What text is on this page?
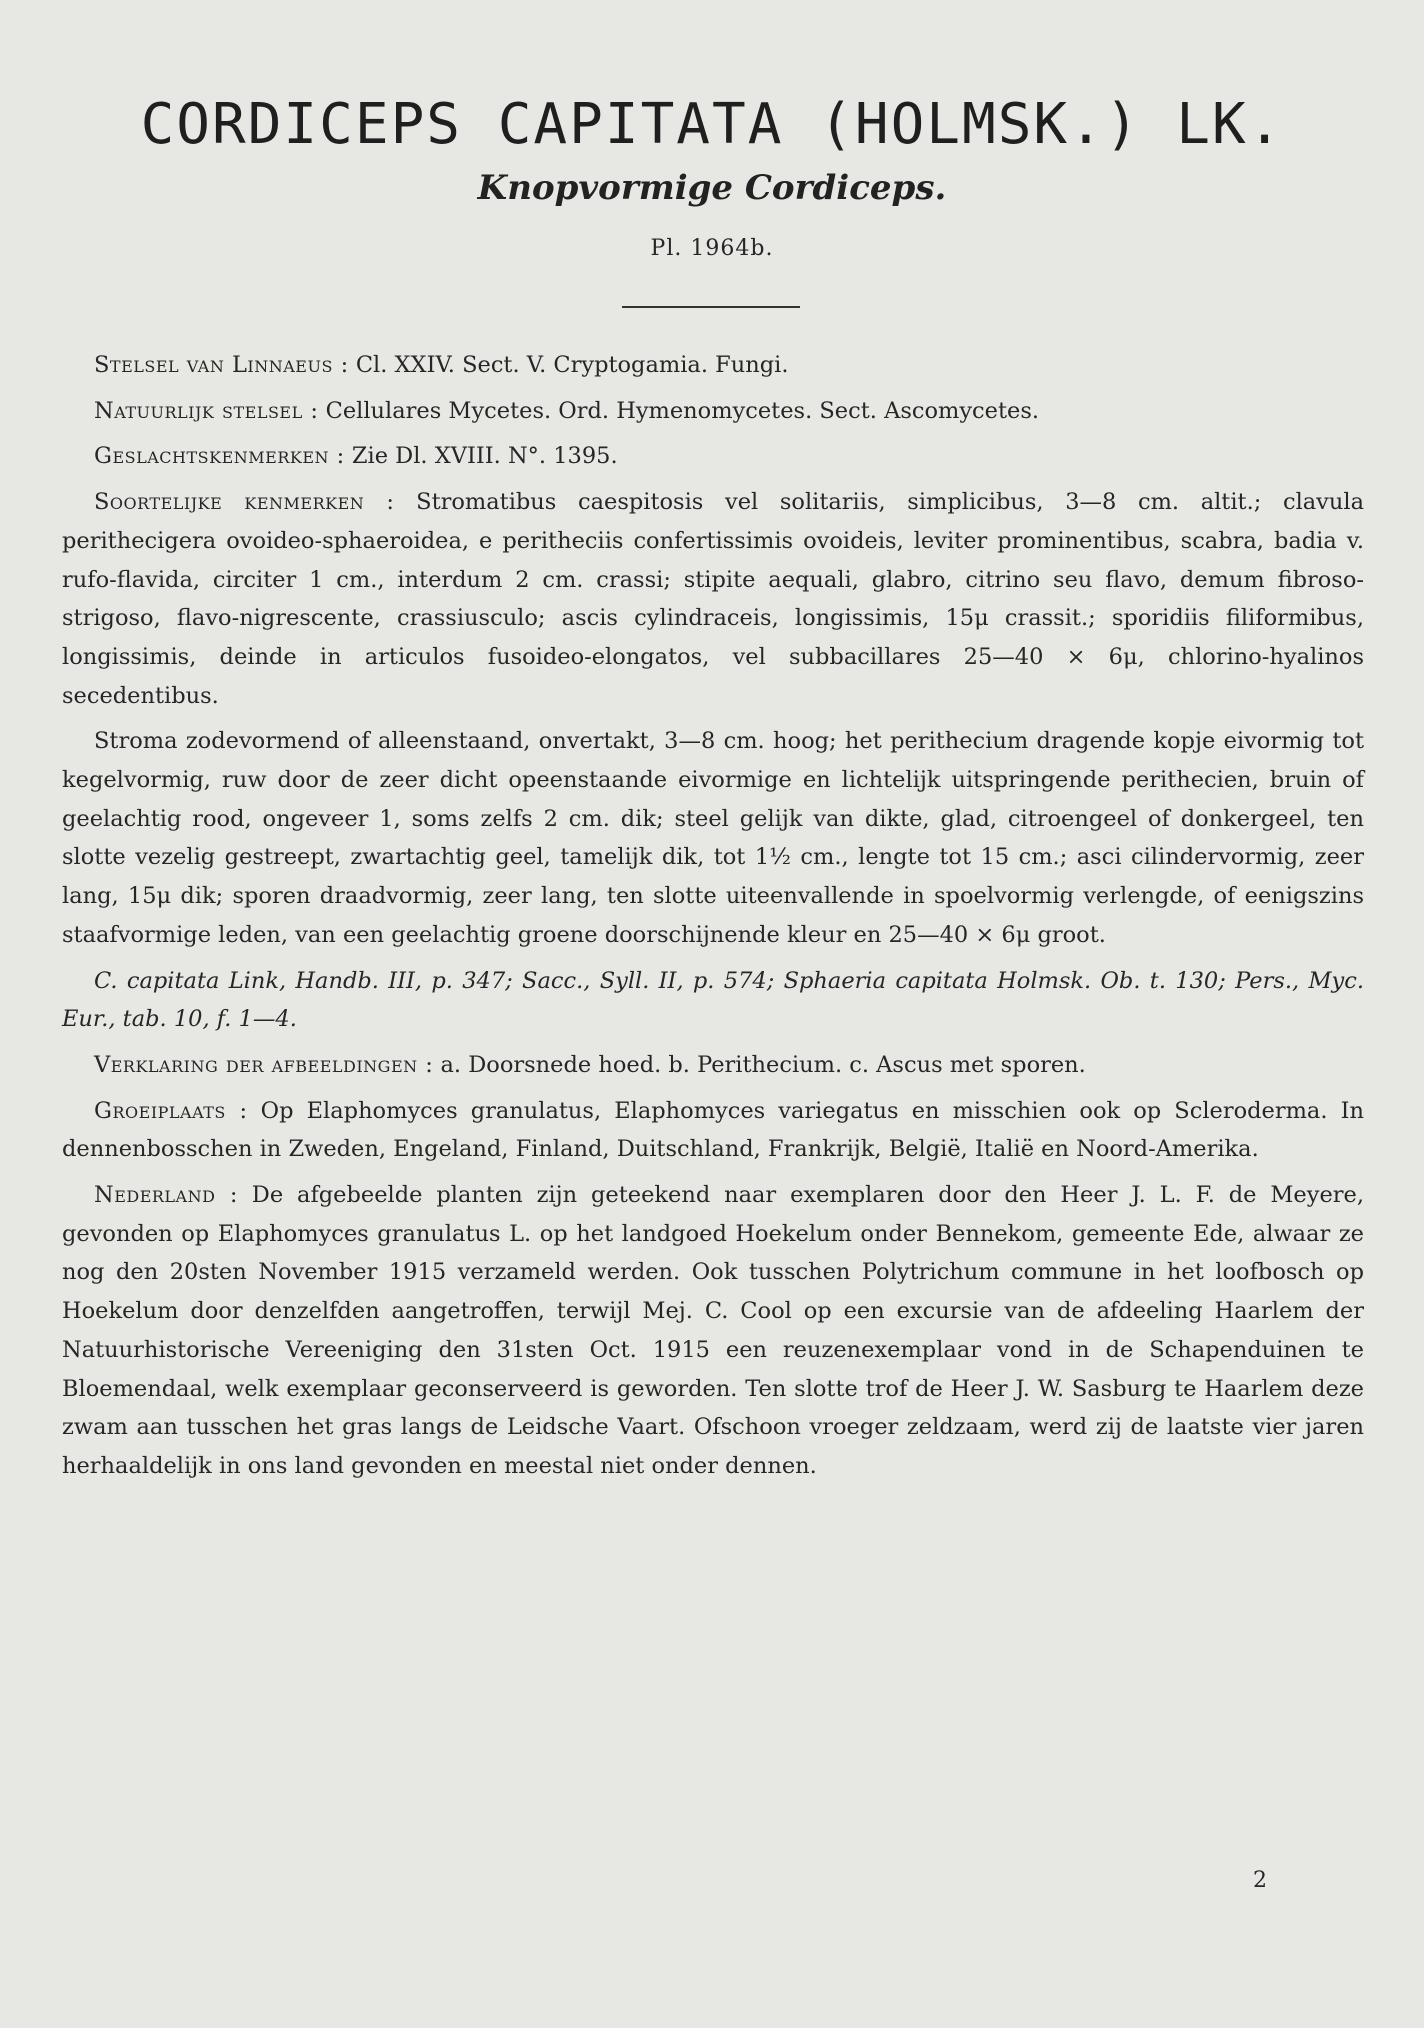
CORDICEPS CAPITATA (HOLMSK.) LK.
Knopvormige Cordiceps.
Pl. 1964b.

Stelsel van Linnaeus : Cl. XXIV. Sect. V. Cryptogamia. Fungi.

Natuurlijk stelsel : Cellulares Mycetes. Ord. Hymenomycetes. Sect. Ascomycetes.

Geslachtskenmerken : Zie Dl. XVIII. N°. 1395.

Soortelijke kenmerken : Stromatibus caespitosis vel solitariis, simplicibus, 3—8 cm. altit.; clavula perithecigera ovoideo-sphaeroidea, e peritheciis confertissimis ovoideis, leviter prominentibus, scabra, badia v. rufo-flavida, circiter 1 cm., interdum 2 cm. crassi; stipite aequali, glabro, citrino seu flavo, demum fibroso-strigoso, flavo-nigrescente, crassiusculo; ascis cylindraceis, longissimis, 15μ crassit.; sporidiis filiformibus, longissimis, deinde in articulos fusoideo-elongatos, vel subbacillares 25—40 × 6μ, chlorino-hyalinos secedentibus.

Stroma zodevormend of alleenstaand, onvertakt, 3—8 cm. hoog; het perithecium dragende kopje eivormig tot kegelvormig, ruw door de zeer dicht opeenstaande eivormige en lichtelijk uitspringende perithecien, bruin of geelachtig rood, ongeveer 1, soms zelfs 2 cm. dik; steel gelijk van dikte, glad, citroengeel of donkergeel, ten slotte vezelig gestreept, zwartachtig geel, tamelijk dik, tot 1½ cm., lengte tot 15 cm.; asci cilindervormig, zeer lang, 15μ dik; sporen draadvormig, zeer lang, ten slotte uiteenvallende in spoelvormig verlengde, of eenigszins staafvormige leden, van een geelachtig groene doorschijnende kleur en 25—40 × 6μ groot.

C. capitata Link, Handb. III, p. 347; Sacc., Syll. II, p. 574; Sphaeria capitata Holmsk. Ob. t. 130; Pers., Myc. Eur., tab. 10, f. 1—4.

Verklaring der afbeeldingen : a. Doorsnede hoed. b. Perithecium. c. Ascus met sporen.

Groeiplaats : Op Elaphomyces granulatus, Elaphomyces variegatus en misschien ook op Scleroderma. In dennenbosschen in Zweden, Engeland, Finland, Duitschland, Frankrijk, België, Italië en Noord-Amerika.

Nederland : De afgebeelde planten zijn geteekend naar exemplaren door den Heer J. L. F. de Meyere, gevonden op Elaphomyces granulatus L. op het landgoed Hoekelum onder Bennekom, gemeente Ede, alwaar ze nog den 20sten November 1915 verzameld werden. Ook tusschen Polytrichum commune in het loofbosch op Hoekelum door denzelfden aangetroffen, terwijl Mej. C. Cool op een excursie van de afdeeling Haarlem der Natuurhistorische Vereeniging den 31sten Oct. 1915 een reuzenexemplaar vond in de Schapenduinen te Bloemendaal, welk exemplaar geconserveerd is geworden. Ten slotte trof de Heer J. W. Sasburg te Haarlem deze zwam aan tusschen het gras langs de Leidsche Vaart. Ofschoon vroeger zeldzaam, werd zij de laatste vier jaren herhaaldelijk in ons land gevonden en meestal niet onder dennen.

2
